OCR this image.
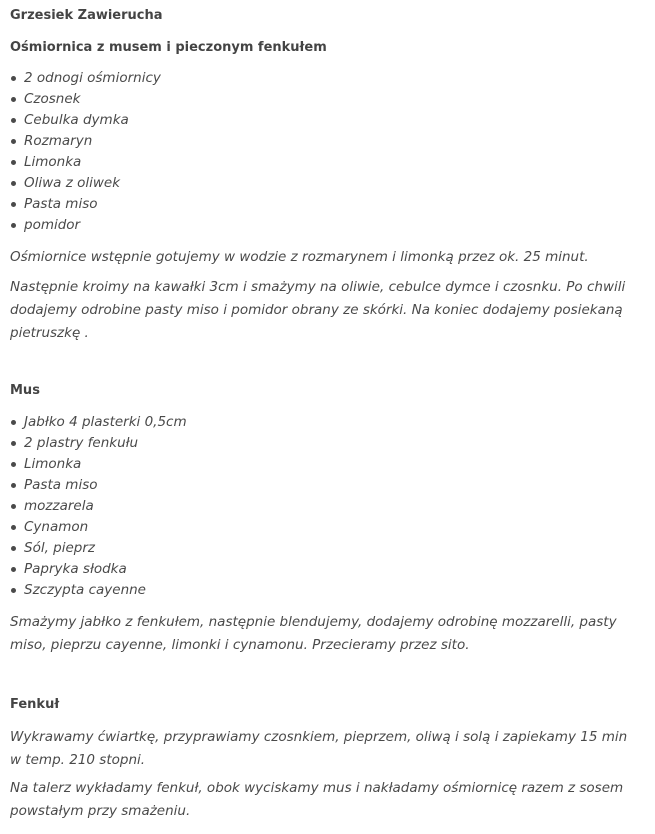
Grzesiek Zawierucha

Ośmiornica z musem i pieczonym fenkułem

2 odnogi ośmiornicy
Czosnek
Cebulka dymka
Rozmaryn
Limonka
Oliwa z oliwek
Pasta miso
pomidor

Ośmiornice wstępnie gotujemy w wodzie z rozmarynem i limonką przez ok. 25 minut.

Następnie kroimy na kawałki 3cm i smażymy na oliwie, cebulce dymce i czosnku. Po chwili dodajemy odrobine pasty miso i pomidor obrany ze skórki. Na koniec dodajemy posiekaną pietruszkę .

Mus

Jabłko 4 plasterki 0,5cm
2 plastry fenkułu
Limonka
Pasta miso
mozzarela
Cynamon
Sól, pieprz
Papryka słodka
Szczypta cayenne

Smażymy jabłko z fenkułem, następnie blendujemy, dodajemy odrobinę mozzarelli, pasty miso, pieprzu cayenne, limonki i cynamonu. Przecieramy przez sito.

Fenkuł

Wykrawamy ćwiartkę, przyprawiamy czosnkiem, pieprzem, oliwą i solą i zapiekamy 15 min w temp. 210 stopni.

Na talerz wykładamy fenkuł, obok wyciskamy mus i nakładamy ośmiornicę razem z sosem powstałym przy smażeniu.
